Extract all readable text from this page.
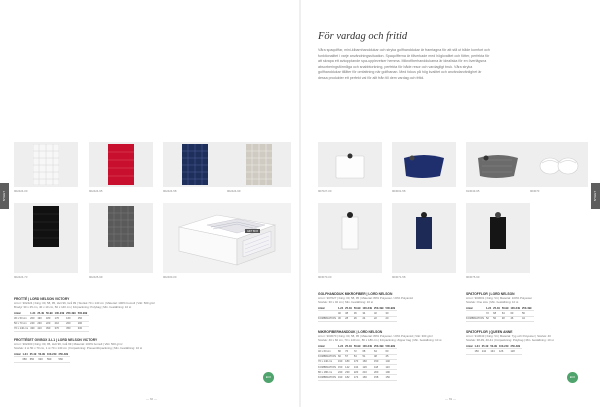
NYHET	NYHET
För vardag och fritid
Våra spaqolffar, mini-klbarnhanddukar och stryka golfhanddukar är framtagna för att stå ut både komfort och funktionalitet i varje användningssituation. Spaqolfferna är tillverkade med högkvalitet och fötter, perfekta för att skrapa ett avkopplande spa-upplevelser hemma. Mikrofiberhanddukarna är idealiska för en överlägsna absorberingsförmåga och snabbtorkning, perfekta för både resor och vardagligt bruk. Våra stryka golfhanddukar tillåter för omfattning när golfbanan. Med fokus på hög kvalitet och användarvänlighet är dessa produkter ett perfekt val för allt från till dem vardag och fritid.
902424-00	902424-95	902424-58	902424-99
902424-73	902425-99
GIFT BOX
902400-00
907027-00	903001-58	913043-95	903070
903070-00	903071-58	903075-99
FROTTÉ | LORD NELSON VICTORY
Art.nr: 902424 | Färg: 00, 58, 95, Hvit 96, Grå 99 | Storlek 70 x 140 cm | Material: 100% bomull | Vikt: 500 g/m²
Brodyr 30 x 25 cm, 40 x 10 cm, 50 x 140 cm | Förpackning: Polybag | Min. beställning: 10 st
Antal	1-24	25-49	50-99	100-249	250-499	500-999
30 x 50 cm	200	190	180	170	160	150
50 x 70 cm	240	230	220	210	200	190
70 x 140 cm	430	410	390	370	350	330
FROTTÉSET GIVBOX 3-I-1 | LORD NELSON VICTORY
Art.nr: 902400 | Färg: 00, 95, Hvit 96, Grå 99 | Material: 100% bomull | Vikt: 500 g/m²
Storlek: 2 st 50 x 70 cm, 1 st 70 x 140 cm | Förpackning: Presentförpackning | Min. beställning: 10 st
Antal	1-24	25-49	50-99	100-249	250-499
	680	650	620	590	560
ECO
GOLFHANDDUK MIKROFIBER | LORD NELSON
Art.nr: 907027 | Färg: 00, 58, 95 | Material: 80% Polyester / 20% Polyamid
Storlek: 30 x 40 cm | Min. beställning: 10 st
Antal	1-24	25-49	50-99	100-249	250-499	500-999
	40	38	36	34	32	30
KOMBINATION	30	28	26	24	22	20
MIKROFIBERHANDDUK | LORD NELSON
Art.nr: 903070 | Färg: 00, 58, 95 | Material: 80% Polyester / 20% Polyamid | Vikt: 300 g/m²
Storlek: 40 x 60 cm, 70 x 140 cm, 80 x 180 cm | Förpackning: Zipper bag | Min. beställning: 10 st
Antal	1-24	25-49	50-99	100-249	250-499	500-999
40 x 60 cm	80	76	72	68	64	60
KOMBINATION	60	57	54	51	48	45
70 x 140 cm	190	180	170	160	150	140
KOMBINATION	150	142	134	126	118	110
80 x 180 cm	240	230	220	210	200	190
KOMBINATION	190	182	174	166	158	150
SPATOFFLOR | LORD NELSON
Art.nr: 903001 | Färg: Vit | Material: 100% Polyester
Storlek: One size | Min. beställning: 10 st
Antal	1-24	25-49	50-99	100-249	250-499
	72	68	64	60	56
KOMBINATION	52	50	48	46	44
SPATOFFLOR | QUEEN ANNE
Art.nr: 913043 | Färg: Vit | Material: Tyg och Polyester | Storlek: 40
Storlek: 38-39, 40-41 | Förpackning: Polybag | Min. beställning: 10 st
Antal	1-24	25-49	50-99	100-249	250-499
	150	142	134	126	118
ECO
— 66 —	— 69 —
